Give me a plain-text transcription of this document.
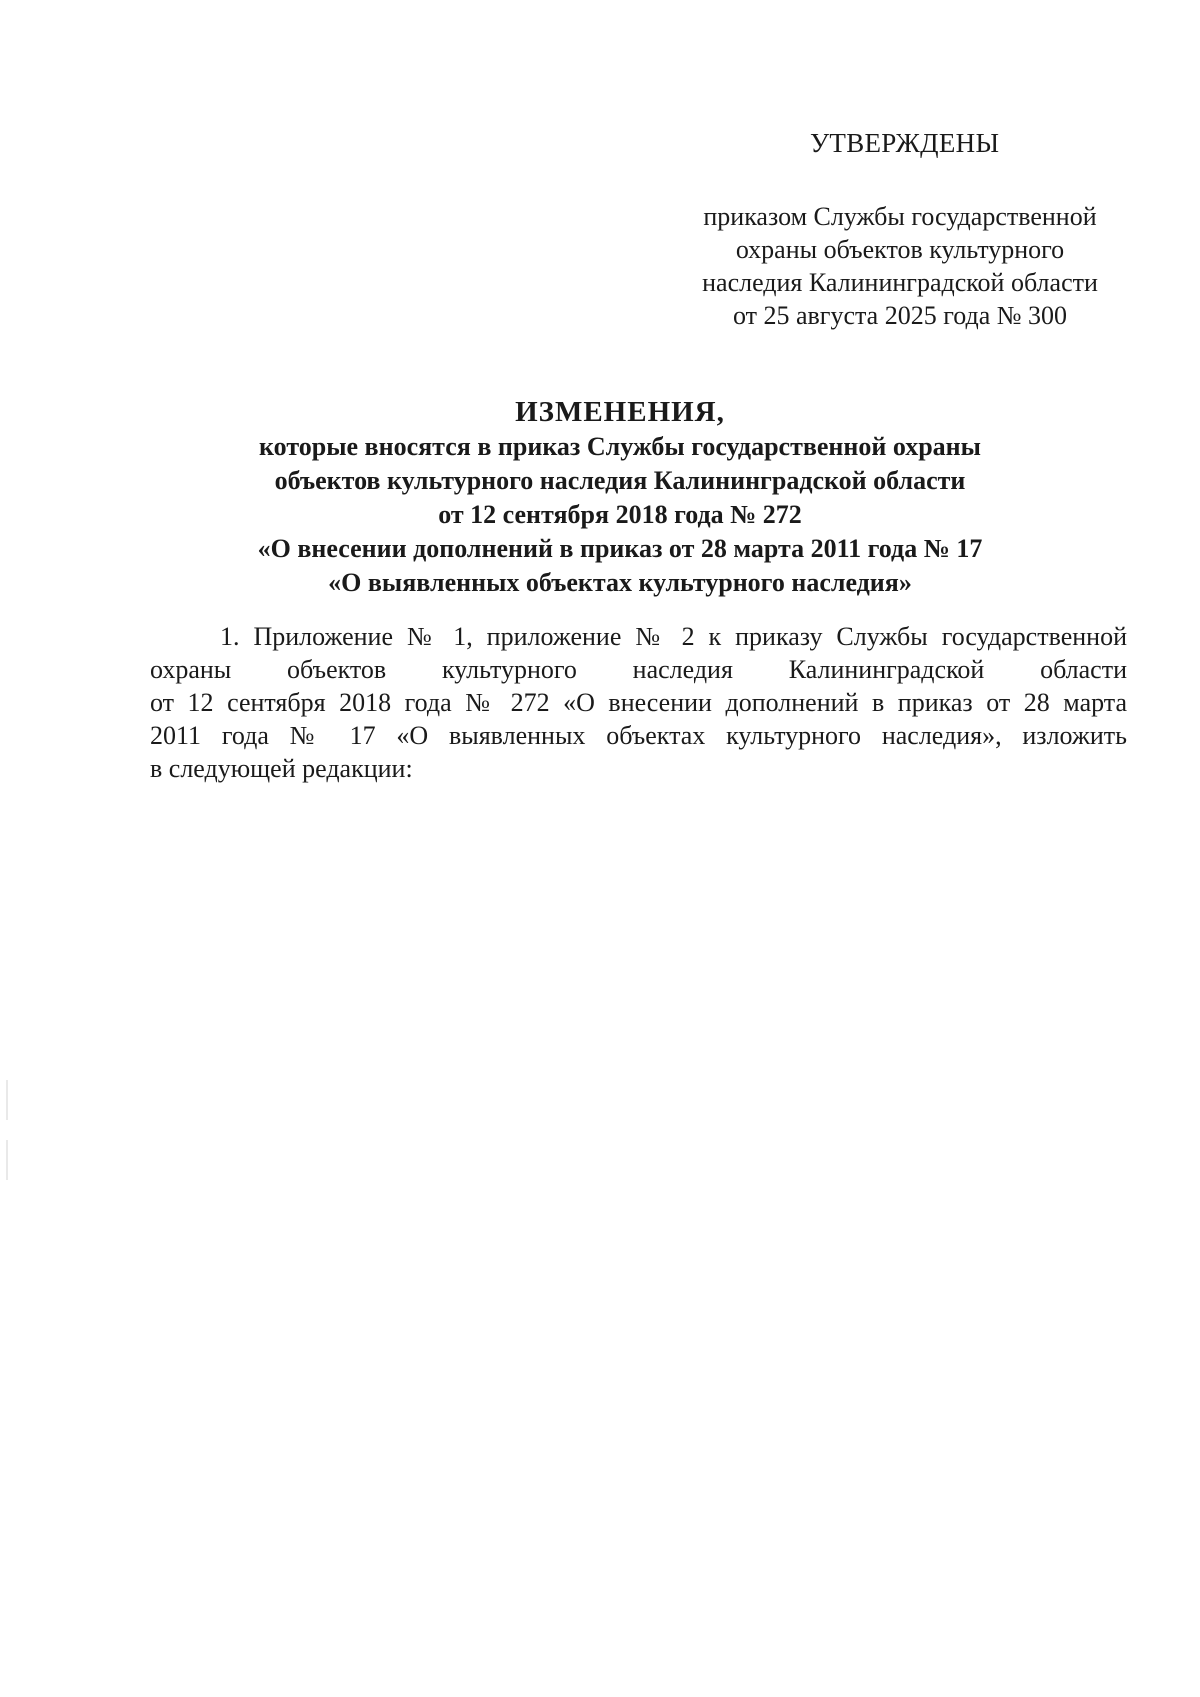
УТВЕРЖДЕНЫ

приказом Службы государственной
охраны объектов культурного
наследия Калининградской области
от 25 августа 2025 года № 300
ИЗМЕНЕНИЯ,
которые вносятся в приказ Службы государственной охраны
объектов культурного наследия Калининградской области
от 12 сентября 2018 года № 272
«О внесении дополнений в приказ от 28 марта 2011 года № 17
«О выявленных объектах культурного наследия»
1. Приложение № 1, приложение № 2 к приказу Службы государственной
охраны объектов культурного наследия Калининградской области
от 12 сентября 2018 года № 272 «О внесении дополнений в приказ от 28 марта
2011 года № 17 «О выявленных объектах культурного наследия», изложить
в следующей редакции:
